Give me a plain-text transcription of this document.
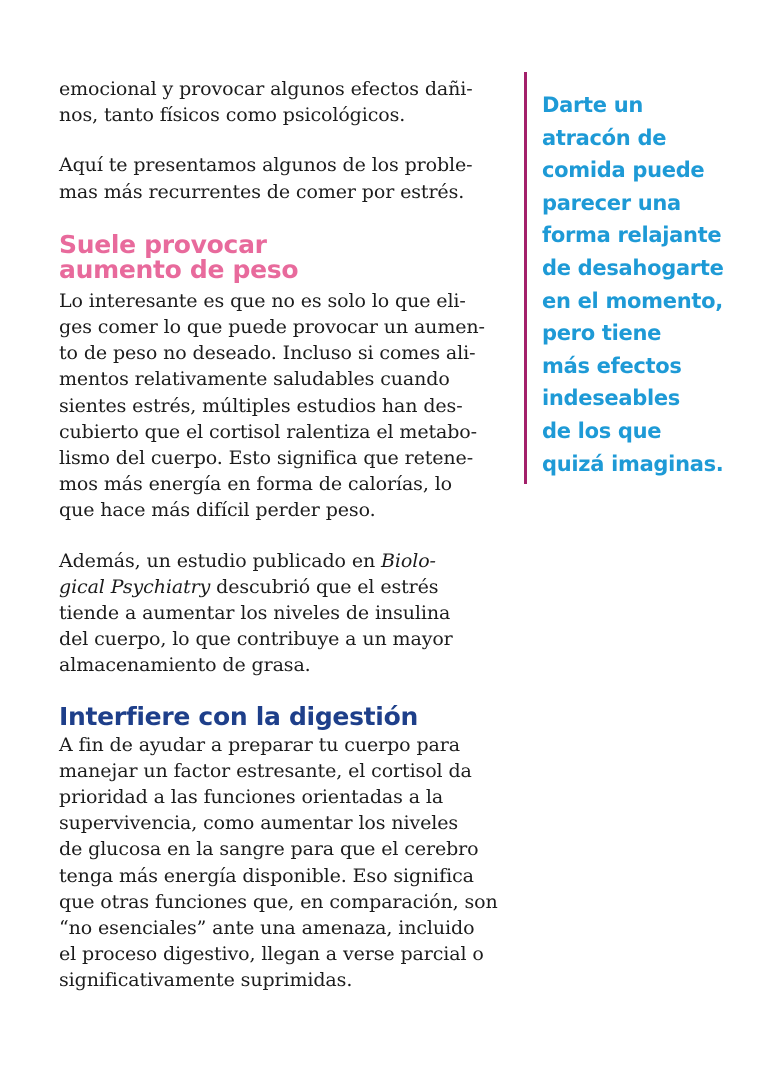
emocional y provocar algunos efectos dañi-
nos, tanto físicos como psicológicos.

Aquí te presentamos algunos de los proble-
mas más recurrentes de comer por estrés.

Suele provocar
aumento de peso

Lo interesante es que no es solo lo que eli-
ges comer lo que puede provocar un aumen-
to de peso no deseado. Incluso si comes ali-
mentos relativamente saludables cuando
sientes estrés, múltiples estudios han des-
cubierto que el cortisol ralentiza el metabo-
lismo del cuerpo. Esto significa que retene-
mos más energía en forma de calorías, lo
que hace más difícil perder peso.

Además, un estudio publicado en Biolo-
gical Psychiatry descubrió que el estrés
tiende a aumentar los niveles de insulina
del cuerpo, lo que contribuye a un mayor
almacenamiento de grasa.

Interfiere con la digestión

A fin de ayudar a preparar tu cuerpo para
manejar un factor estresante, el cortisol da
prioridad a las funciones orientadas a la
supervivencia, como aumentar los niveles
de glucosa en la sangre para que el cerebro
tenga más energía disponible. Eso significa
que otras funciones que, en comparación, son
“no esenciales” ante una amenaza, incluido
el proceso digestivo, llegan a verse parcial o
significativamente suprimidas.

Darte un
atracón de
comida puede
parecer una
forma relajante
de desahogarte
en el momento,
pero tiene
más efectos
indeseables
de los que
quizá imaginas.
